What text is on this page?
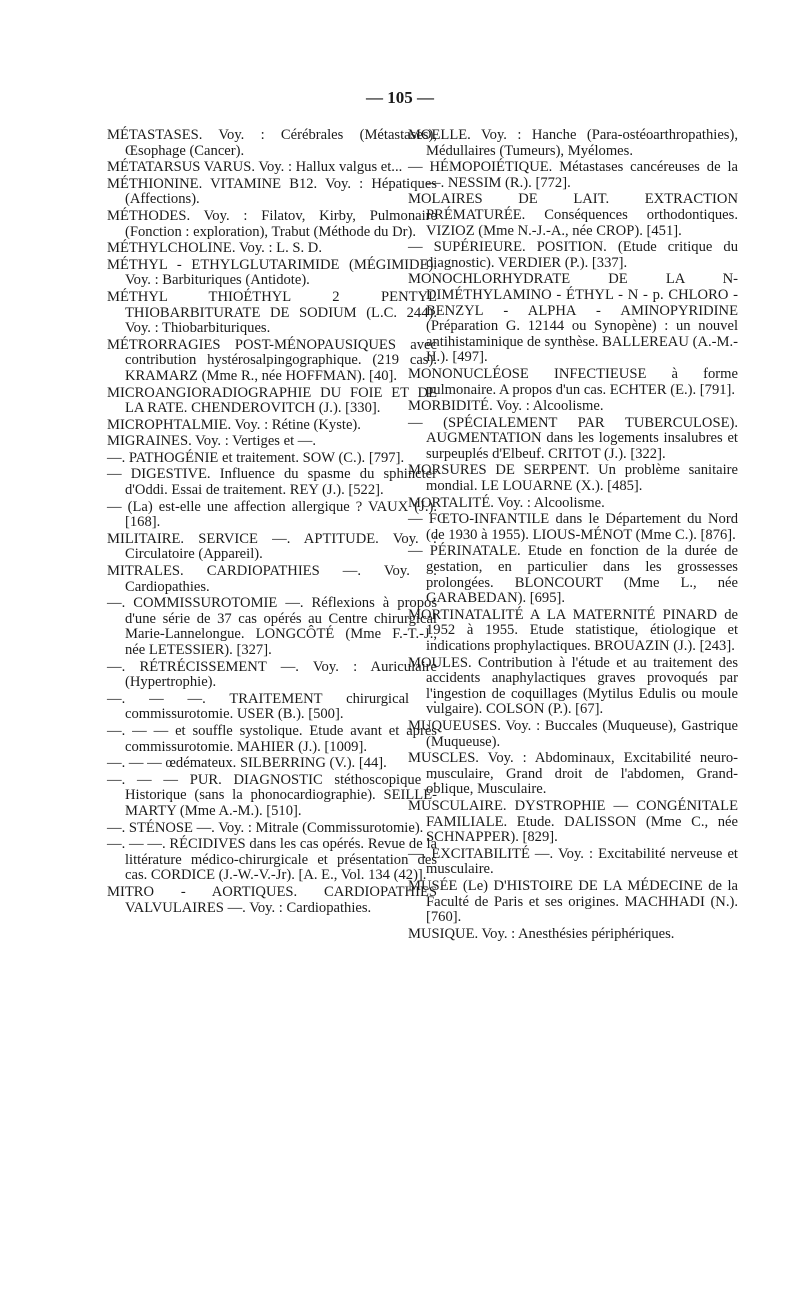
— 105 —

MÉTASTASES. Voy. : Cérébrales (Métastases), Œsophage (Cancer).

MÉTATARSUS VARUS. Voy. : Hallux valgus et...

MÉTHIONINE. VITAMINE B12. Voy. : Hépatiques (Affections).

MÉTHODES. Voy. : Filatov, Kirby, Pulmonaire (Fonction : exploration), Trabut (Méthode du Dr).

MÉTHYLCHOLINE. Voy. : L. S. D.

MÉTHYL - ETHYLGLUTARIMIDE (MÉGIMIDE). Voy. : Barbituriques (Antidote).

MÉTHYL THIOÉTHYL 2 PENTYL THIOBARBITURATE DE SODIUM (L.C. 244). Voy. : Thiobarbituriques.

MÉTRORRAGIES POST-MÉNOPAUSIQUES avec contribution hystérosalpingographique. (219 cas). KRAMARZ (Mme R., née HOFFMAN). [40].

MICROANGIORADIOGRAPHIE DU FOIE ET DE LA RATE. CHENDEROVITCH (J.). [330].

MICROPHTALMIE. Voy. : Rétine (Kyste).

MIGRAINES. Voy. : Vertiges et —.

—. PATHOGÉNIE et traitement. SOW (C.). [797].

— DIGESTIVE. Influence du spasme du sphincter d'Oddi. Essai de traitement. REY (J.). [522].

— (La) est-elle une affection allergique ? VAUX (J.). [168].

MILITAIRE. SERVICE —. APTITUDE. Voy. : Circulatoire (Appareil).

MITRALES. CARDIOPATHIES —. Voy. : Cardiopathies.

—. COMMISSUROTOMIE —. Réflexions à propos d'une série de 37 cas opérés au Centre chirurgical Marie-Lannelongue. LONGCÔTÉ (Mme F.-T.-J., née LETESSIER). [327].

—. RÉTRÉCISSEMENT —. Voy. : Auriculaire (Hypertrophie).

—. — —. TRAITEMENT chirurgical : commissurotomie. USER (B.). [500].

—. — — et souffle systolique. Etude avant et après commissurotomie. MAHIER (J.). [1009].

—. — — œdémateux. SILBERRING (V.). [44].

—. — — PUR. DIAGNOSTIC stéthoscopique : Historique (sans la phonocardiographie). SEILLE-MARTY (Mme A.-M.). [510].

—. STÉNOSE —. Voy. : Mitrale (Commissurotomie).

—. — —. RÉCIDIVES dans les cas opérés. Revue de la littérature médico-chirurgicale et présentation des cas. CORDICE (J.-W.-V.-Jr). [A. E., Vol. 134 (42)].

MITRO - AORTIQUES. CARDIOPATHIES VALVULAIRES —. Voy. : Cardiopathies.

MOELLE. Voy. : Hanche (Para-ostéoarthropathies), Médullaires (Tumeurs), Myélomes.

— HÉMOPOIÉTIQUE. Métastases cancéreuses de la —. NESSIM (R.). [772].

MOLAIRES DE LAIT. EXTRACTION PRÉMATURÉE. Conséquences orthodontiques. VIZIOZ (Mme N.-J.-A., née CROP). [451].

— SUPÉRIEURE. POSITION. (Etude critique du diagnostic). VERDIER (P.). [337].

MONOCHLORHYDRATE DE LA N-DIMÉTHYLAMINO - ÉTHYL - N - p. CHLORO - BENZYL - ALPHA - AMINOPYRIDINE (Préparation G. 12144 ou Synopène) : un nouvel antihistaminique de synthèse. BALLEREAU (A.-M.-H.). [497].

MONONUCLÉOSE INFECTIEUSE à forme pulmonaire. A propos d'un cas. ECHTER (E.). [791].

MORBIDITÉ. Voy. : Alcoolisme.

— (SPÉCIALEMENT PAR TUBERCULOSE). AUGMENTATION dans les logements insalubres et surpeuplés d'Elbeuf. CRITOT (J.). [322].

MORSURES DE SERPENT. Un problème sanitaire mondial. LE LOUARNE (X.). [485].

MORTALITÉ. Voy. : Alcoolisme.

— FŒTO-INFANTILE dans le Département du Nord (de 1930 à 1955). LIOUS-MÉNOT (Mme C.). [876].

— PÉRINATALE. Etude en fonction de la durée de gestation, en particulier dans les grossesses prolongées. BLONCOURT (Mme L., née GARABEDAN). [695].

MORTINATALITÉ A LA MATERNITÉ PINARD de 1952 à 1955. Etude statistique, étiologique et indications prophylactiques. BROUAZIN (J.). [243].

MOULES. Contribution à l'étude et au traitement des accidents anaphylactiques graves provoqués par l'ingestion de coquillages (Mytilus Edulis ou moule vulgaire). COLSON (P.). [67].

MUQUEUSES. Voy. : Buccales (Muqueuse), Gastrique (Muqueuse).

MUSCLES. Voy. : Abdominaux, Excitabilité neuro-musculaire, Grand droit de l'abdomen, Grand-oblique, Musculaire.

MUSCULAIRE. DYSTROPHIE — CONGÉNITALE FAMILIALE. Etude. DALISSON (Mme C., née SCHNAPPER). [829].

—. EXCITABILITÉ —. Voy. : Excitabilité nerveuse et musculaire.

MUSÉE (Le) D'HISTOIRE DE LA MÉDECINE de la Faculté de Paris et ses origines. MACHHADI (N.). [760].

MUSIQUE. Voy. : Anesthésies périphériques.
